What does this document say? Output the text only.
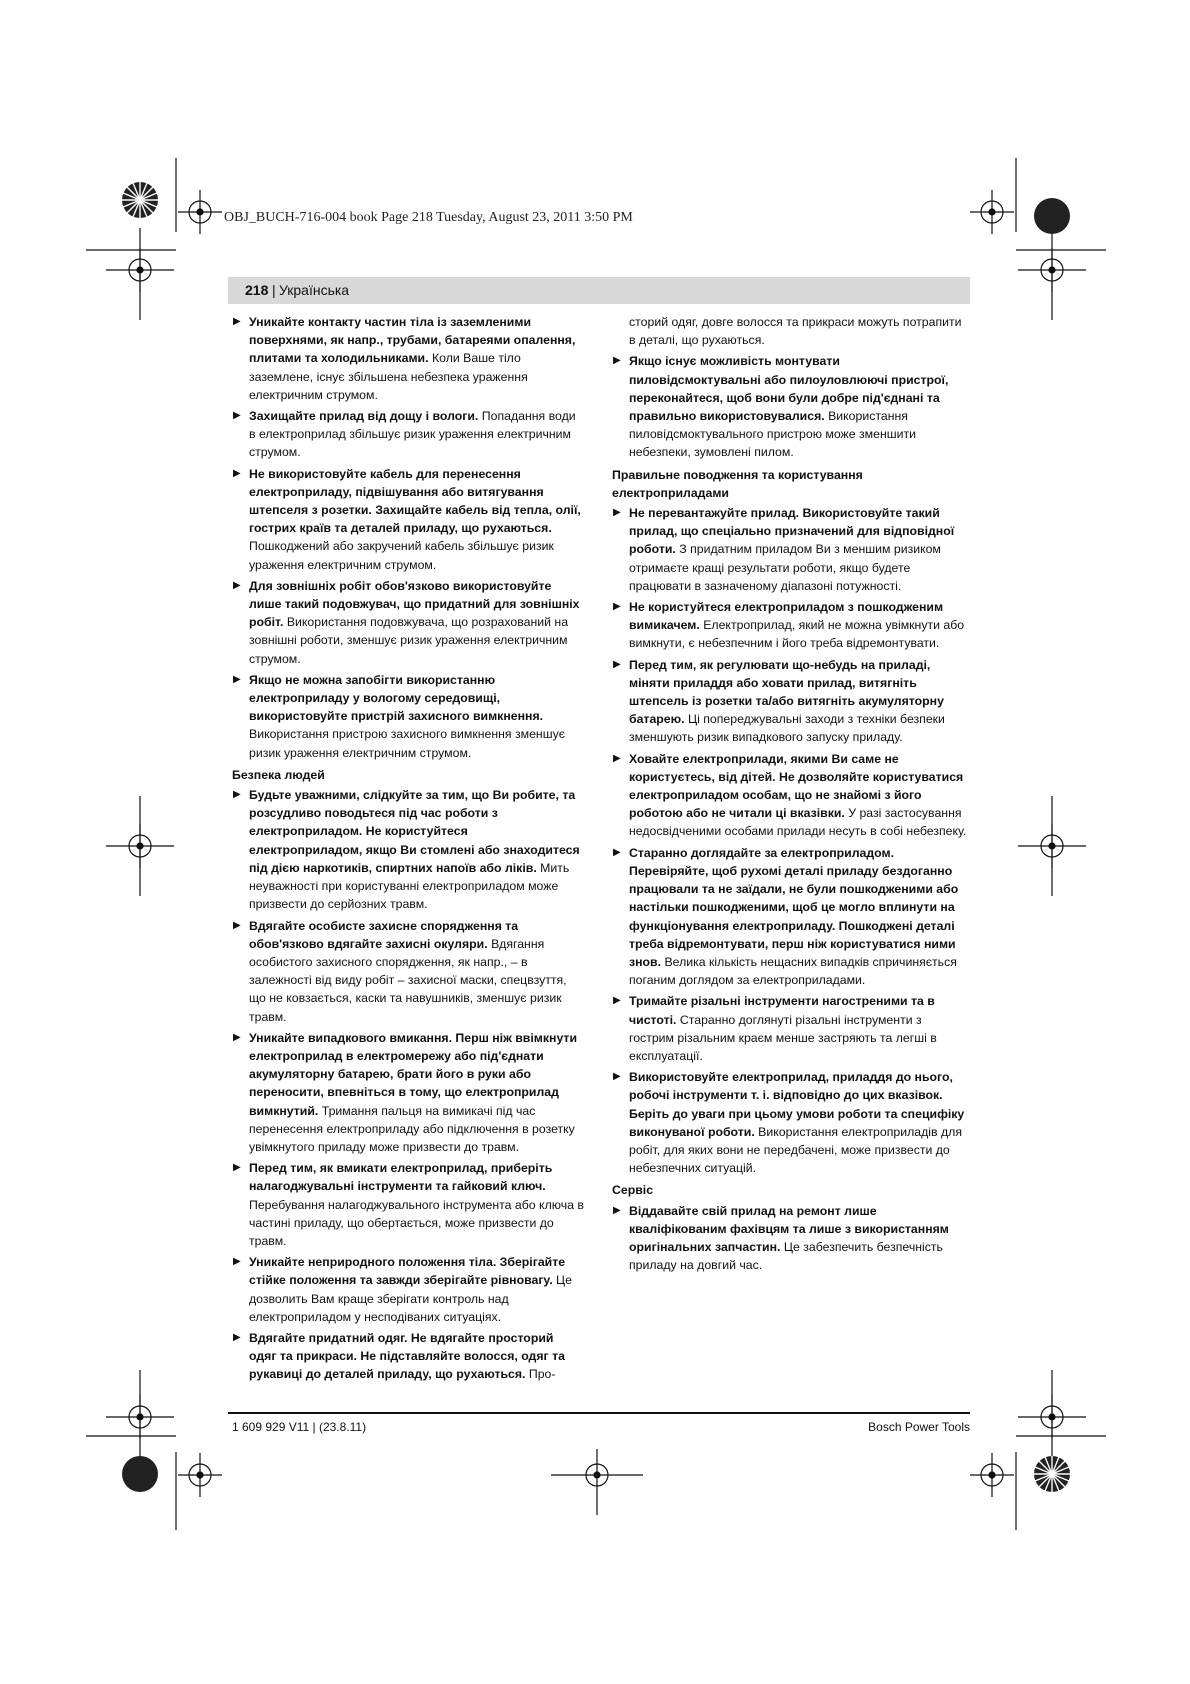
OBJ_BUCH-716-004 book Page 218 Tuesday, August 23, 2011 3:50 PM
218 | Українська
▶ Уникайте контакту частин тіла із заземленими поверхнями, як напр., трубами, батареями опалення, плитами та холодильниками. Коли Ваше тіло заземлене, існує збільшена небезпека ураження електричним струмом.
▶ Захищайте прилад від дощу і вологи. Попадання води в електроприлад збільшує ризик ураження електричним струмом.
▶ Не використовуйте кабель для перенесення електроприладу, підвішування або витягування штепселя з розетки. Захищайте кабель від тепла, олії, гострих країв та деталей приладу, що рухаються. Пошкоджений або закручений кабель збільшує ризик ураження електричним струмом.
▶ Для зовнішніх робіт обов'язково використовуйте лише такий подовжувач, що придатний для зовнішніх робіт. Використання подовжувача, що розрахований на зовнішні роботи, зменшує ризик ураження електричним струмом.
▶ Якщо не можна запобігти використанню електроприладу у вологому середовищі, використовуйте пристрій захисного вимкнення. Використання пристрою захисного вимкнення зменшує ризик ураження електричним струмом.
Безпека людей
▶ Будьте уважними, слідкуйте за тим, що Ви робите, та розсудливо поводьтеся під час роботи з електроприладом. Не користуйтеся електроприладом, якщо Ви стомлені або знаходитеся під дією наркотиків, спиртних напоїв або ліків. Мить неуважності при користуванні електроприладом може призвести до серйозних травм.
▶ Вдягайте особисте захисне спорядження та обов'язково вдягайте захисні окуляри. Вдягання особистого захисного спорядження, як напр., – в залежності від виду робіт – захисної маски, спецвзуття, що не ковзається, каски та навушників, зменшує ризик травм.
▶ Уникайте випадкового вмикання. Перш ніж ввімкнути електроприлад в електромережу або під'єднати акумуляторну батарею, брати його в руки або переносити, впевніться в тому, що електроприлад вимкнутий. Тримання пальця на вимикачі під час перенесення електроприладу або підключення в розетку увімкнутого приладу може призвести до травм.
▶ Перед тим, як вмикати електроприлад, приберіть налагоджувальні інструменти та гайковий ключ. Перебування налагоджувального інструмента або ключа в частині приладу, що обертається, може призвести до травм.
▶ Уникайте неприродного положення тіла. Зберігайте стійке положення та завжди зберігайте рівновагу. Це дозволить Вам краще зберігати контроль над електроприладом у несподіваних ситуаціях.
▶ Вдягайте придатний одяг. Не вдягайте просторий одяг та прикраси. Не підставляйте волосся, одяг та рукавиці до деталей приладу, що рухаються. Про-
сторий одяг, довге волосся та прикраси можуть потрапити в деталі, що рухаються.
▶ Якщо існує можливість монтувати пиловідсмоктувальні або пилоуловлюючі пристрої, переконайтеся, щоб вони були добре під'єднані та правильно використовувалися. Використання пиловідсмоктувального пристрою може зменшити небезпеки, зумовлені пилом.
Правильне поводження та користування електроприладами
▶ Не перевантажуйте прилад. Використовуйте такий прилад, що спеціально призначений для відповідної роботи. З придатним приладом Ви з меншим ризиком отримаєте кращі результати роботи, якщо будете працювати в зазначеному діапазоні потужності.
▶ Не користуйтеся електроприладом з пошкодженим вимикачем. Електроприлад, який не можна увімкнути або вимкнути, є небезпечним і його треба відремонтувати.
▶ Перед тим, як регулювати що-небудь на приладі, міняти приладдя або ховати прилад, витягніть штепсель із розетки та/або витягніть акумуляторну батарею. Ці попереджувальні заходи з техніки безпеки зменшують ризик випадкового запуску приладу.
▶ Ховайте електроприлади, якими Ви саме не користуєтесь, від дітей. Не дозволяйте користуватися електроприладом особам, що не знайомі з його роботою або не читали ці вказівки. У разі застосування недосвідченими особами прилади несуть в собі небезпеку.
▶ Старанно доглядайте за електроприладом. Перевіряйте, щоб рухомі деталі приладу бездоганно працювали та не заїдали, не були пошкодженими або настільки пошкодженими, щоб це могло вплинути на функціонування електроприладу. Пошкоджені деталі треба відремонтувати, перш ніж користуватися ними знов. Велика кількість нещасних випадків спричиняється поганим доглядом за електроприладами.
▶ Тримайте різальні інструменти нагостреними та в чистоті. Старанно доглянуті різальні інструменти з гострим різальним краєм менше застряють та легші в експлуатації.
▶ Використовуйте електроприлад, приладдя до нього, робочі інструменти т. і. відповідно до цих вказівок. Беріть до уваги при цьому умови роботи та специфіку виконуваної роботи. Використання електроприладів для робіт, для яких вони не передбачені, може призвести до небезпечних ситуацій.
Сервіс
▶ Віддавайте свій прилад на ремонт лише кваліфікованим фахівцям та лише з використанням оригінальних запчастин. Це забезпечить безпечність приладу на довгий час.
1 609 929 V11 | (23.8.11)	Bosch Power Tools
